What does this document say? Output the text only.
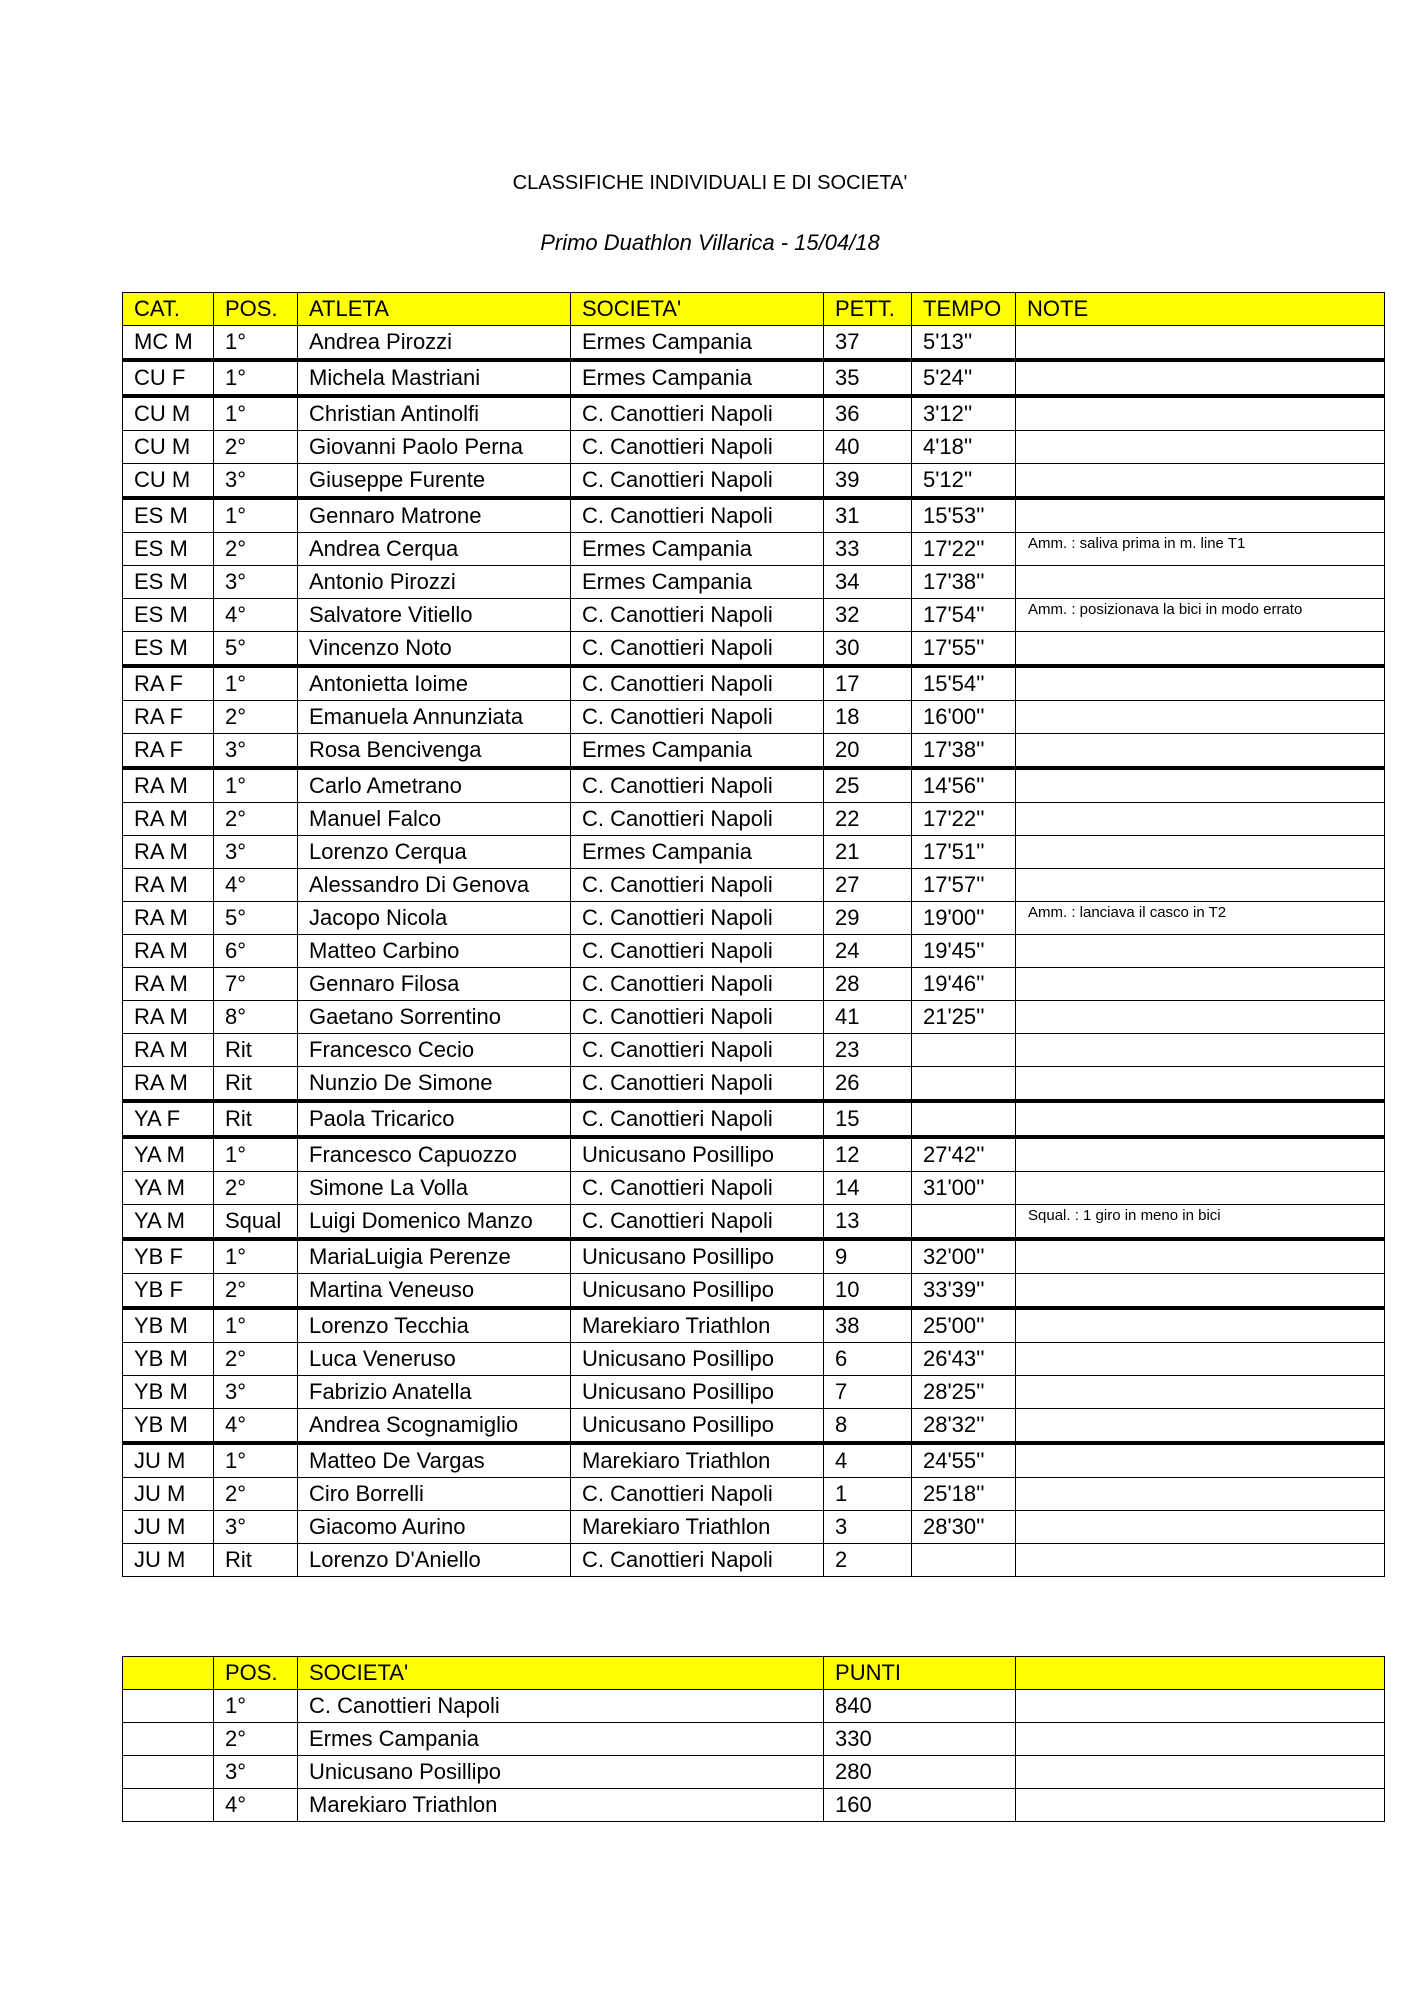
CLASSIFICHE INDIVIDUALI E DI SOCIETA'
Primo Duathlon Villarica - 15/04/18
CAT.	POS.	ATLETA	SOCIETA'	PETT.	TEMPO	NOTE
MC M	1°	Andrea Pirozzi	Ermes Campania	37	5'13''	
CU F	1°	Michela Mastriani	Ermes Campania	35	5'24''	
CU M	1°	Christian Antinolfi	C. Canottieri Napoli	36	3'12''	
CU M	2°	Giovanni Paolo Perna	C. Canottieri Napoli	40	4'18''	
CU M	3°	Giuseppe Furente	C. Canottieri Napoli	39	5'12''	
ES M	1°	Gennaro Matrone	C. Canottieri Napoli	31	15'53''	
ES M	2°	Andrea Cerqua	Ermes Campania	33	17'22''	Amm. : saliva prima in m. line T1
ES M	3°	Antonio Pirozzi	Ermes Campania	34	17'38''	
ES M	4°	Salvatore Vitiello	C. Canottieri Napoli	32	17'54''	Amm. : posizionava la bici in modo errato
ES M	5°	Vincenzo Noto	C. Canottieri Napoli	30	17'55''	
RA F	1°	Antonietta Ioime	C. Canottieri Napoli	17	15'54''	
RA F	2°	Emanuela Annunziata	C. Canottieri Napoli	18	16'00''	
RA F	3°	Rosa Bencivenga	Ermes Campania	20	17'38''	
RA M	1°	Carlo Ametrano	C. Canottieri Napoli	25	14'56''	
RA M	2°	Manuel Falco	C. Canottieri Napoli	22	17'22''	
RA M	3°	Lorenzo Cerqua	Ermes Campania	21	17'51''	
RA M	4°	Alessandro Di Genova	C. Canottieri Napoli	27	17'57''	
RA M	5°	Jacopo Nicola	C. Canottieri Napoli	29	19'00''	Amm. : lanciava il casco in T2
RA M	6°	Matteo Carbino	C. Canottieri Napoli	24	19'45''	
RA M	7°	Gennaro Filosa	C. Canottieri Napoli	28	19'46''	
RA M	8°	Gaetano Sorrentino	C. Canottieri Napoli	41	21'25''	
RA M	Rit	Francesco Cecio	C. Canottieri Napoli	23		
RA M	Rit	Nunzio De Simone	C. Canottieri Napoli	26		
YA F	Rit	Paola Tricarico	C. Canottieri Napoli	15		
YA M	1°	Francesco Capuozzo	Unicusano Posillipo	12	27'42''	
YA M	2°	Simone La Volla	C. Canottieri Napoli	14	31'00''	
YA M	Squal	Luigi Domenico Manzo	C. Canottieri Napoli	13		Squal. : 1 giro in meno in bici
YB F	1°	MariaLuigia Perenze	Unicusano Posillipo	9	32'00''	
YB F	2°	Martina Veneuso	Unicusano Posillipo	10	33'39''	
YB M	1°	Lorenzo Tecchia	Marekiaro Triathlon	38	25'00''	
YB M	2°	Luca Veneruso	Unicusano Posillipo	6	26'43''	
YB M	3°	Fabrizio Anatella	Unicusano Posillipo	7	28'25''	
YB M	4°	Andrea Scognamiglio	Unicusano Posillipo	8	28'32''	
JU M	1°	Matteo De Vargas	Marekiaro Triathlon	4	24'55''	
JU M	2°	Ciro Borrelli	C. Canottieri Napoli	1	25'18''	
JU M	3°	Giacomo Aurino	Marekiaro Triathlon	3	28'30''	
JU M	Rit	Lorenzo D'Aniello	C. Canottieri Napoli	2		
	POS.	SOCIETA'	PUNTI	
	1°	C. Canottieri Napoli	840	
	2°	Ermes Campania	330	
	3°	Unicusano Posillipo	280	
	4°	Marekiaro Triathlon	160	
